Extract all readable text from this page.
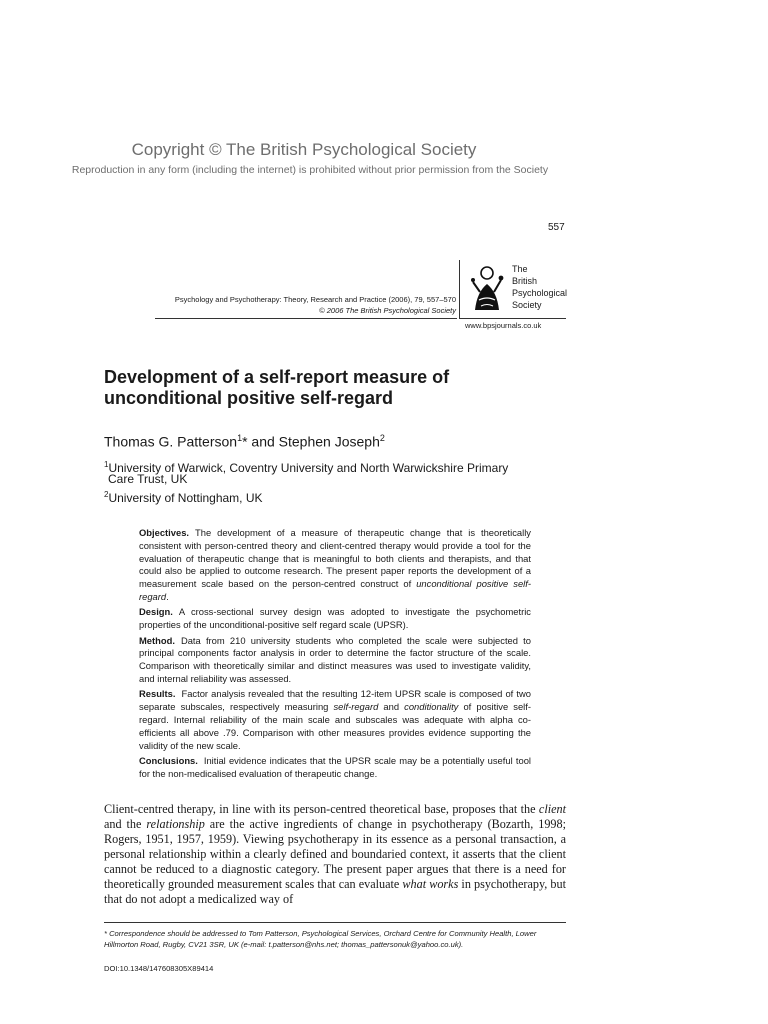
Copyright © The British Psychological Society
Reproduction in any form (including the internet) is prohibited without prior permission from the Society
557
Psychology and Psychotherapy: Theory, Research and Practice (2006), 79, 557–570
© 2006 The British Psychological Society
The
British
Psychological
Society
www.bpsjournals.co.uk
Development of a self-report measure of
unconditional positive self-regard

Thomas G. Patterson$^1$* and Stephen Joseph$^2$

$^1$University of Warwick, Coventry University and North Warwickshire Primary
Care Trust, UK
$^2$University of Nottingham, UK

Objectives. The development of a measure of therapeutic change that is theoretically consistent with person-centred theory and client-centred therapy would provide a tool for the evaluation of therapeutic change that is meaningful to both clients and therapists, and that could also be applied to outcome research. The present paper reports the development of a measurement scale based on the person-centred construct of unconditional positive self-regard.

Design. A cross-sectional survey design was adopted to investigate the psychometric properties of the unconditional-positive self regard scale (UPSR).

Method. Data from 210 university students who completed the scale were subjected to principal components factor analysis in order to determine the factor structure of the scale. Comparison with theoretically similar and distinct measures was used to investigate validity, and internal reliability was assessed.

Results. Factor analysis revealed that the resulting 12-item UPSR scale is composed of two separate subscales, respectively measuring self-regard and conditionality of positive self-regard. Internal reliability of the main scale and subscales was adequate with alpha co-efficients all above .79. Comparison with other measures provides evidence supporting the validity of the new scale.

Conclusions. Initial evidence indicates that the UPSR scale may be a potentially useful tool for the non-medicalised evaluation of therapeutic change.

Client-centred therapy, in line with its person-centred theoretical base, proposes that the client and the relationship are the active ingredients of change in psychotherapy (Bozarth, 1998; Rogers, 1951, 1957, 1959). Viewing psychotherapy in its essence as a personal transaction, a personal relationship within a clearly defined and boundaried context, it asserts that the client cannot be reduced to a diagnostic category. The present paper argues that there is a need for theoretically grounded measurement scales that can evaluate what works in psychotherapy, but that do not adopt a medicalized way of

* Correspondence should be addressed to Tom Patterson, Psychological Services, Orchard Centre for Community Health, Lower
Hillmorton Road, Rugby, CV21 3SR, UK (e-mail: t.patterson@nhs.net; thomas_pattersonuk@yahoo.co.uk).

DOI:10.1348/147608305X89414
